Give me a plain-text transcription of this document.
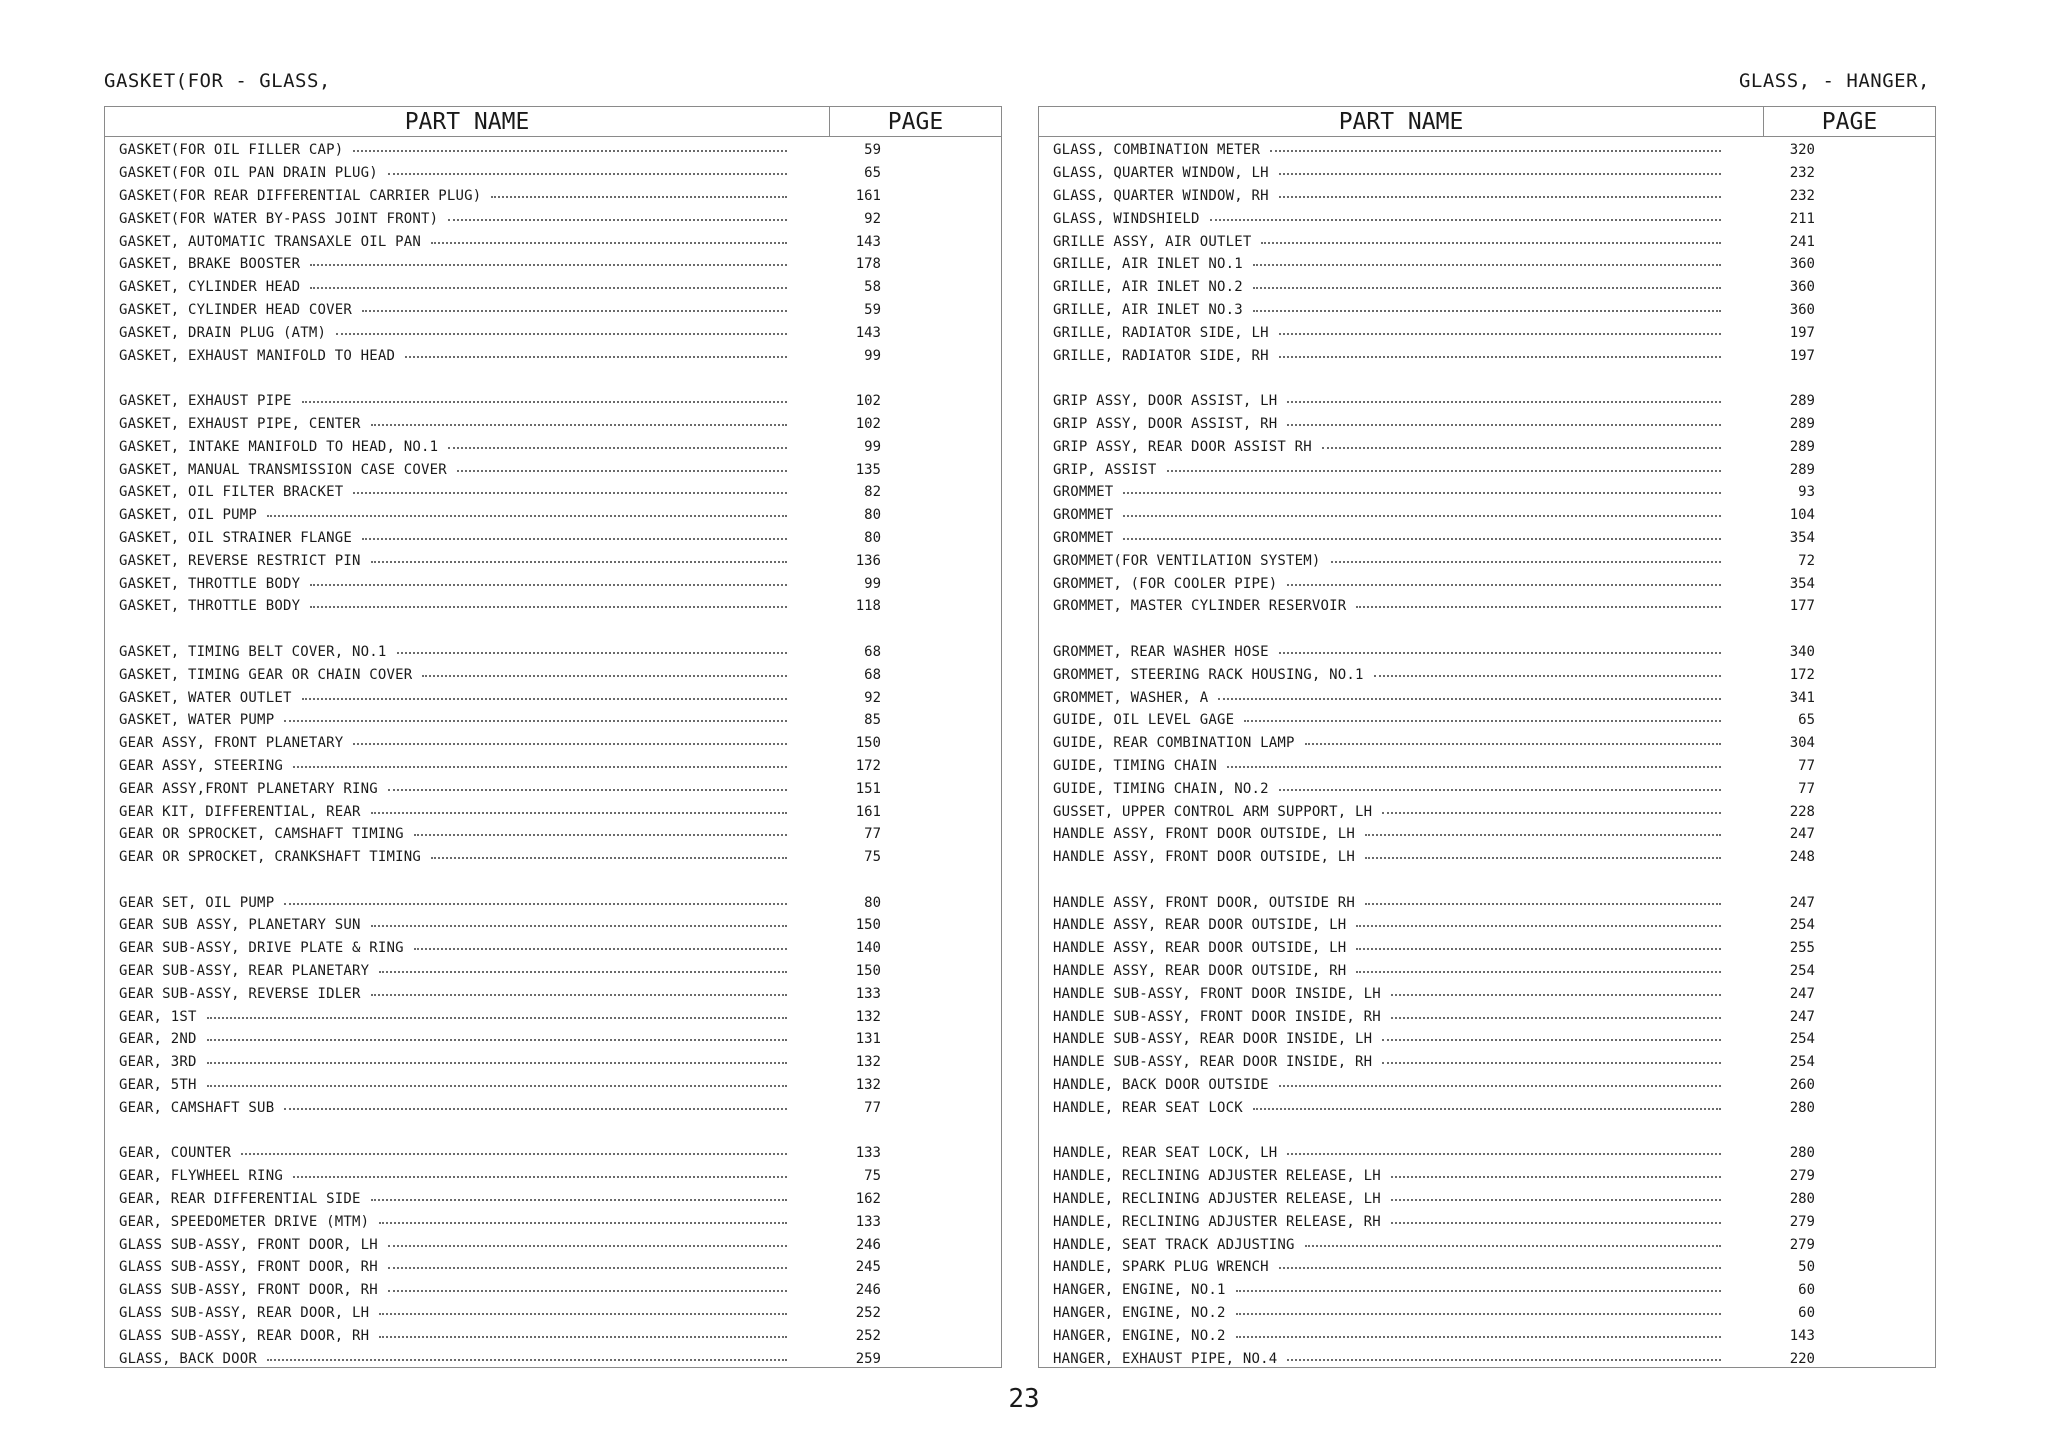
GASKET(FOR - GLASS,	GLASS, - HANGER,
PART NAME	PAGE
GASKET(FOR OIL FILLER CAP)	59
GASKET(FOR OIL PAN DRAIN PLUG)	65
GASKET(FOR REAR DIFFERENTIAL CARRIER PLUG)	161
GASKET(FOR WATER BY-PASS JOINT FRONT)	92
GASKET, AUTOMATIC TRANSAXLE OIL PAN	143
GASKET, BRAKE BOOSTER	178
GASKET, CYLINDER HEAD	58
GASKET, CYLINDER HEAD COVER	59
GASKET, DRAIN PLUG (ATM)	143
GASKET, EXHAUST MANIFOLD TO HEAD	99
GASKET, EXHAUST PIPE	102
GASKET, EXHAUST PIPE, CENTER	102
GASKET, INTAKE MANIFOLD TO HEAD, NO.1	99
GASKET, MANUAL TRANSMISSION CASE COVER	135
GASKET, OIL FILTER BRACKET	82
GASKET, OIL PUMP	80
GASKET, OIL STRAINER FLANGE	80
GASKET, REVERSE RESTRICT PIN	136
GASKET, THROTTLE BODY	99
GASKET, THROTTLE BODY	118
GASKET, TIMING BELT COVER, NO.1	68
GASKET, TIMING GEAR OR CHAIN COVER	68
GASKET, WATER OUTLET	92
GASKET, WATER PUMP	85
GEAR ASSY, FRONT PLANETARY	150
GEAR ASSY, STEERING	172
GEAR ASSY,FRONT PLANETARY RING	151
GEAR KIT, DIFFERENTIAL, REAR	161
GEAR OR SPROCKET, CAMSHAFT TIMING	77
GEAR OR SPROCKET, CRANKSHAFT TIMING	75
GEAR SET, OIL PUMP	80
GEAR SUB ASSY, PLANETARY SUN	150
GEAR SUB-ASSY, DRIVE PLATE & RING	140
GEAR SUB-ASSY, REAR PLANETARY	150
GEAR SUB-ASSY, REVERSE IDLER	133
GEAR, 1ST	132
GEAR, 2ND	131
GEAR, 3RD	132
GEAR, 5TH	132
GEAR, CAMSHAFT SUB	77
GEAR, COUNTER	133
GEAR, FLYWHEEL RING	75
GEAR, REAR DIFFERENTIAL SIDE	162
GEAR, SPEEDOMETER DRIVE (MTM)	133
GLASS SUB-ASSY, FRONT DOOR, LH	246
GLASS SUB-ASSY, FRONT DOOR, RH	245
GLASS SUB-ASSY, FRONT DOOR, RH	246
GLASS SUB-ASSY, REAR DOOR, LH	252
GLASS SUB-ASSY, REAR DOOR, RH	252
GLASS, BACK DOOR	259
PART NAME	PAGE
GLASS, COMBINATION METER	320
GLASS, QUARTER WINDOW, LH	232
GLASS, QUARTER WINDOW, RH	232
GLASS, WINDSHIELD	211
GRILLE ASSY, AIR OUTLET	241
GRILLE, AIR INLET NO.1	360
GRILLE, AIR INLET NO.2	360
GRILLE, AIR INLET NO.3	360
GRILLE, RADIATOR SIDE, LH	197
GRILLE, RADIATOR SIDE, RH	197
GRIP ASSY, DOOR ASSIST, LH	289
GRIP ASSY, DOOR ASSIST, RH	289
GRIP ASSY, REAR DOOR ASSIST RH	289
GRIP, ASSIST	289
GROMMET	93
GROMMET	104
GROMMET	354
GROMMET(FOR VENTILATION SYSTEM)	72
GROMMET, (FOR COOLER PIPE)	354
GROMMET, MASTER CYLINDER RESERVOIR	177
GROMMET, REAR WASHER HOSE	340
GROMMET, STEERING RACK HOUSING, NO.1	172
GROMMET, WASHER, A	341
GUIDE, OIL LEVEL GAGE	65
GUIDE, REAR COMBINATION LAMP	304
GUIDE, TIMING CHAIN	77
GUIDE, TIMING CHAIN, NO.2	77
GUSSET, UPPER CONTROL ARM SUPPORT, LH	228
HANDLE ASSY, FRONT DOOR OUTSIDE, LH	247
HANDLE ASSY, FRONT DOOR OUTSIDE, LH	248
HANDLE ASSY, FRONT DOOR, OUTSIDE RH	247
HANDLE ASSY, REAR DOOR OUTSIDE, LH	254
HANDLE ASSY, REAR DOOR OUTSIDE, LH	255
HANDLE ASSY, REAR DOOR OUTSIDE, RH	254
HANDLE SUB-ASSY, FRONT DOOR INSIDE, LH	247
HANDLE SUB-ASSY, FRONT DOOR INSIDE, RH	247
HANDLE SUB-ASSY, REAR DOOR INSIDE, LH	254
HANDLE SUB-ASSY, REAR DOOR INSIDE, RH	254
HANDLE, BACK DOOR OUTSIDE	260
HANDLE, REAR SEAT LOCK	280
HANDLE, REAR SEAT LOCK, LH	280
HANDLE, RECLINING ADJUSTER RELEASE, LH	279
HANDLE, RECLINING ADJUSTER RELEASE, LH	280
HANDLE, RECLINING ADJUSTER RELEASE, RH	279
HANDLE, SEAT TRACK ADJUSTING	279
HANDLE, SPARK PLUG WRENCH	50
HANGER, ENGINE, NO.1	60
HANGER, ENGINE, NO.2	60
HANGER, ENGINE, NO.2	143
HANGER, EXHAUST PIPE, NO.4	220
23
